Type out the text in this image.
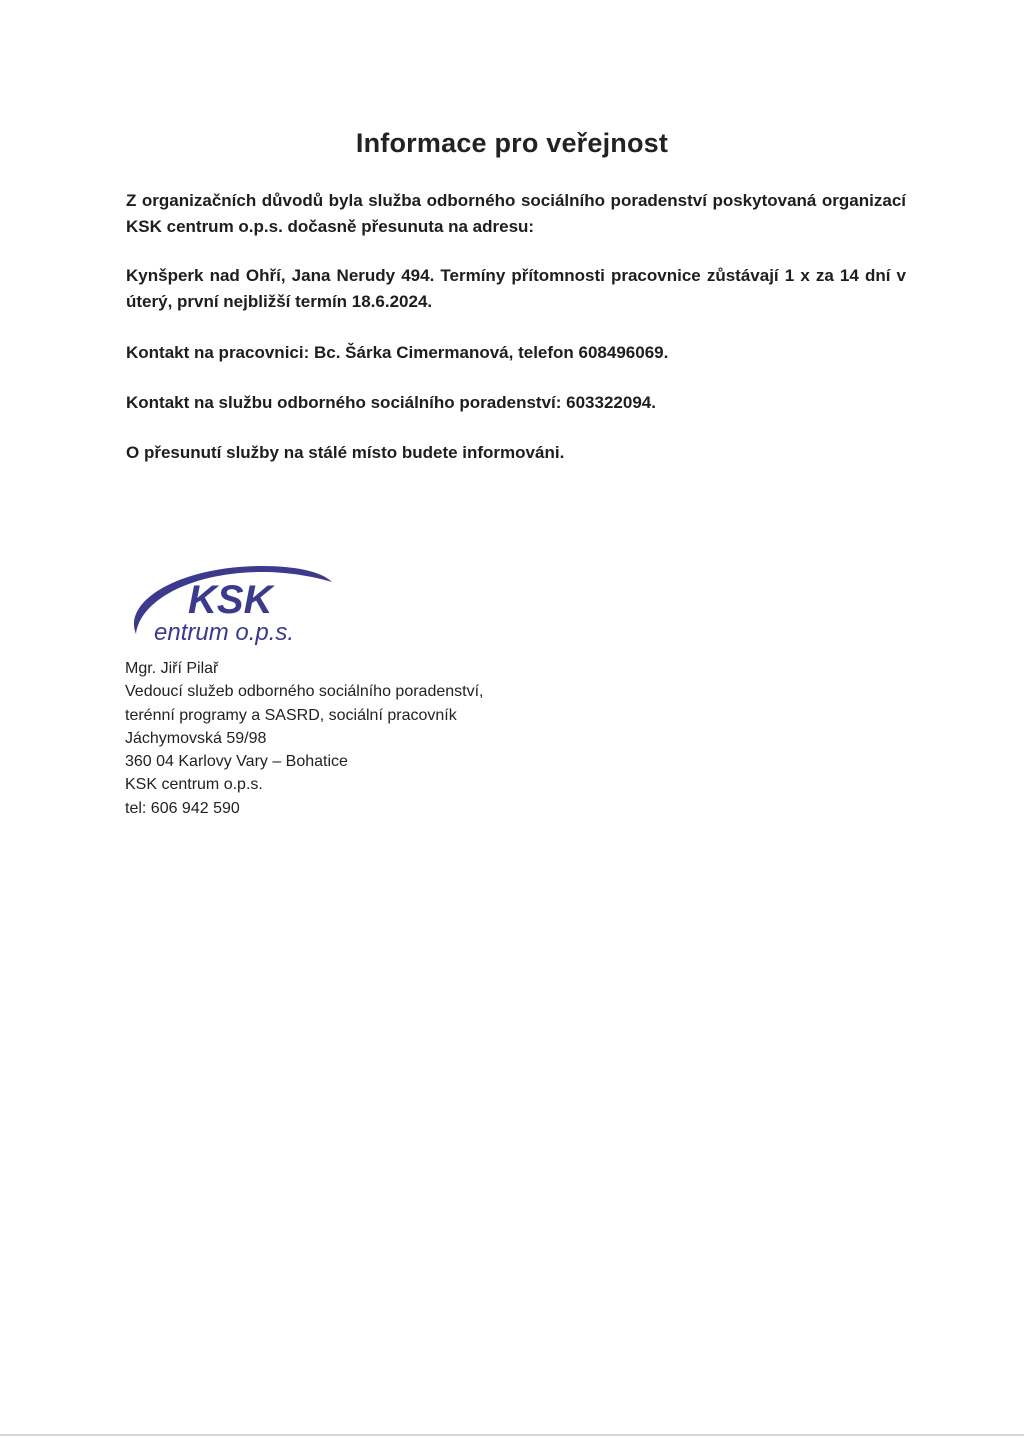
Informace pro veřejnost
Z organizačních důvodů byla služba odborného sociálního poradenství poskytovaná organizací KSK centrum o.p.s. dočasně přesunuta na adresu:
Kynšperk nad Ohří, Jana Nerudy 494. Termíny přítomnosti pracovnice zůstávají 1 x za 14 dní v úterý, první nejbližší termín 18.6.2024.
Kontakt na pracovnici: Bc. Šárka Cimermanová, telefon 608496069.
Kontakt na službu odborného sociálního poradenství: 603322094.
O přesunutí služby na stálé místo budete informováni.
KSK
entrum o.p.s.
Mgr. Jiří Pilař
Vedoucí služeb odborného sociálního poradenství,
terénní programy a SASRD, sociální pracovník
Jáchymovská 59/98
360 04 Karlovy Vary – Bohatice
KSK centrum o.p.s.
tel: 606 942 590
